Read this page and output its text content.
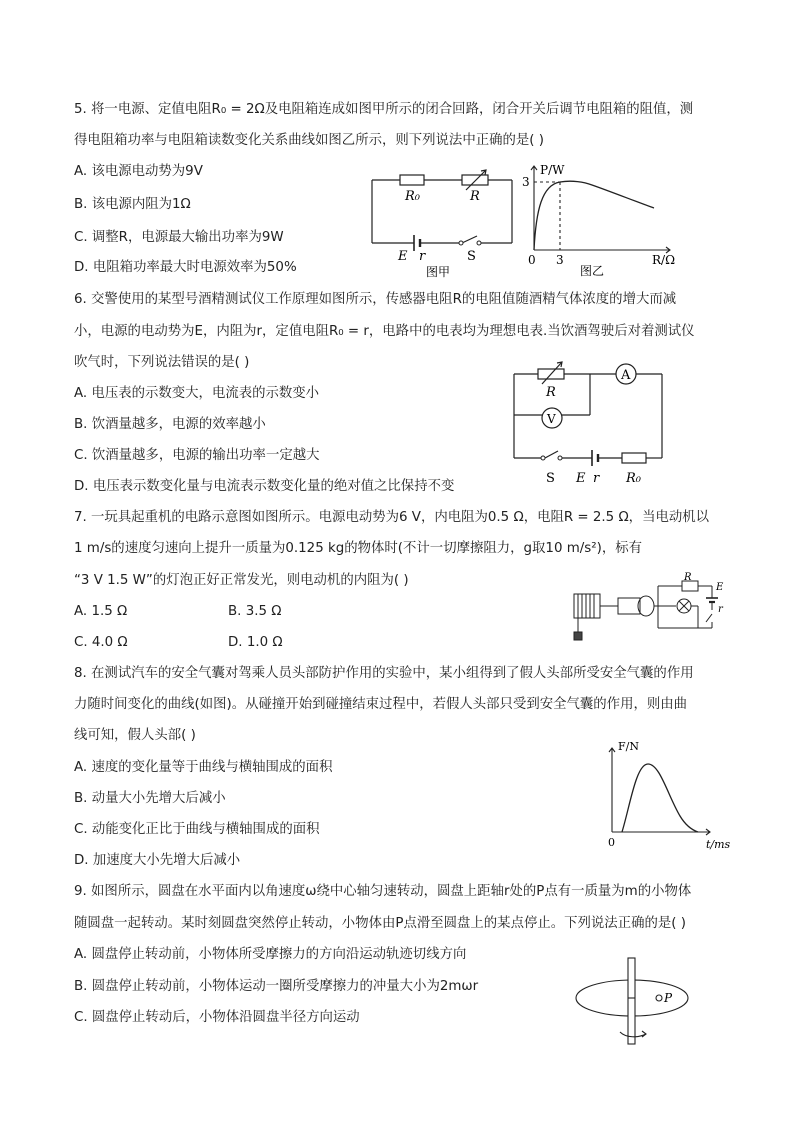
5. 将一电源、定值电阻R₀ = 2Ω及电阻箱连成如图甲所示的闭合回路，闭合开关后调节电阻箱的阻值，测
得电阻箱功率与电阻箱读数变化关系曲线如图乙所示，则下列说法中正确的是( )
A. 该电源电动势为9V
B. 该电源内阻为1Ω
C. 调整R，电源最大输出功率为9W
D. 电阻箱功率最大时电源效率为50%
R₀	R
E r	S
图甲
P/W
3
0 3	R/Ω
图乙
6. 交警使用的某型号酒精测试仪工作原理如图所示，传感器电阻R的电阻值随酒精气体浓度的增大而减
小，电源的电动势为E，内阻为r，定值电阻R₀ = r，电路中的电表均为理想电表.当饮酒驾驶后对着测试仪
吹气时，下列说法错误的是( )
A. 电压表的示数变大，电流表的示数变小
B. 饮酒量越多，电源的效率越小
C. 饮酒量越多，电源的输出功率一定越大
D. 电压表示数变化量与电流表示数变化量的绝对值之比保持不变
A
V
R
S E r R₀
7. 一玩具起重机的电路示意图如图所示。电源电动势为6 V，内电阻为0.5 Ω，电阻R = 2.5 Ω，当电动机以
1 m/s的速度匀速向上提升一质量为0.125 kg的物体时(不计一切摩擦阻力，g取10 m/s²)，标有
“3 V 1.5 W”的灯泡正好正常发光，则电动机的内阻为( )
A. 1.5 Ω	B. 3.5 Ω
C. 4.0 Ω	D. 1.0 Ω
R
E
r
8. 在测试汽车的安全气囊对驾乘人员头部防护作用的实验中，某小组得到了假人头部所受安全气囊的作用
力随时间变化的曲线(如图)。从碰撞开始到碰撞结束过程中，若假人头部只受到安全气囊的作用，则由曲
线可知，假人头部( )
A. 速度的变化量等于曲线与横轴围成的面积
B. 动量大小先增大后减小
C. 动能变化正比于曲线与横轴围成的面积
D. 加速度大小先增大后减小
F/N
0	t/ms
9. 如图所示，圆盘在水平面内以角速度ω绕中心轴匀速转动，圆盘上距轴r处的P点有一质量为m的小物体
随圆盘一起转动。某时刻圆盘突然停止转动，小物体由P点滑至圆盘上的某点停止。下列说法正确的是( )
A. 圆盘停止转动前，小物体所受摩擦力的方向沿运动轨迹切线方向
B. 圆盘停止转动前，小物体运动一圈所受摩擦力的冲量大小为2mωr
C. 圆盘停止转动后，小物体沿圆盘半径方向运动
P
